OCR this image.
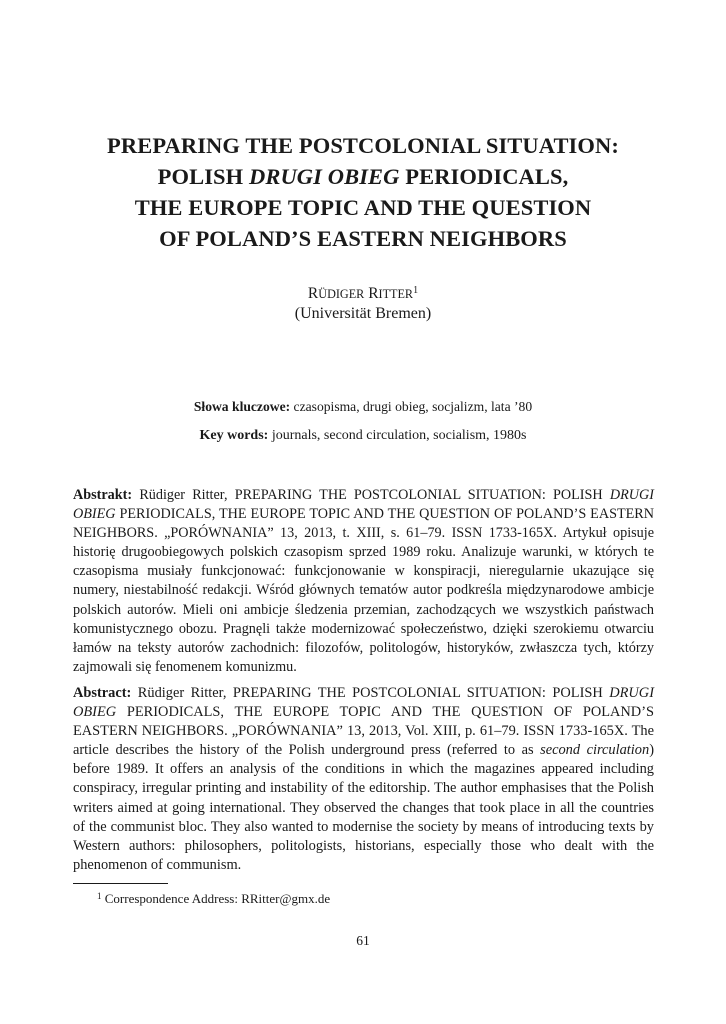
PREPARING THE POSTCOLONIAL SITUATION:
POLISH DRUGI OBIEG PERIODICALS,
THE EUROPE TOPIC AND THE QUESTION
OF POLAND’S EASTERN NEIGHBORS
RÜDIGER RITTER$^1$
(Universität Bremen)
Słowa kluczowe: czasopisma, drugi obieg, socjalizm, lata ’80
Key words: journals, second circulation, socialism, 1980s
Abstrakt: Rüdiger Ritter, PREPARING THE POSTCOLONIAL SITUATION: POLISH DRUGI OBIEG PERIODICALS, THE EUROPE TOPIC AND THE QUESTION OF POLAND’S EASTERN NEIGHBORS. „PORÓWNANIA” 13, 2013, t. XIII, s. 61–79. ISSN 1733-165X. Artykuł opisuje historię drugoobiegowych polskich czasopism sprzed 1989 roku. Analizuje warunki, w których te czasopisma musiały funkcjonować: funkcjonowanie w konspiracji, nieregularnie ukazujące się numery, niestabilność redakcji. Wśród głównych tematów autor podkreśla międzynarodowe ambicje polskich autorów. Mieli oni ambicje śledzenia przemian, zachodzących we wszystkich państwach komunistycznego obozu. Pragnęli także modernizować społeczeństwo, dzięki szerokiemu otwarciu łamów na teksty autorów zachodnich: filozofów, politologów, historyków, zwłaszcza tych, którzy zajmowali się fenomenem komunizmu.
Abstract: Rüdiger Ritter, PREPARING THE POSTCOLONIAL SITUATION: POLISH DRUGI OBIEG PERIODICALS, THE EUROPE TOPIC AND THE QUESTION OF POLAND’S EASTERN NEIGHBORS. „PORÓWNANIA” 13, 2013, Vol. XIII, p. 61–79. ISSN 1733-165X. The article describes the history of the Polish underground press (referred to as second circulation) before 1989. It offers an analysis of the conditions in which the magazines appeared including conspiracy, irregular printing and instability of the editorship. The author emphasises that the Polish writers aimed at going international. They observed the changes that took place in all the countries of the communist bloc. They also wanted to modernise the society by means of introducing texts by Western authors: philosophers, politologists, historians, especially those who dealt with the phenomenon of communism.
$^1$ Correspondence Address: RRitter@gmx.de
61
